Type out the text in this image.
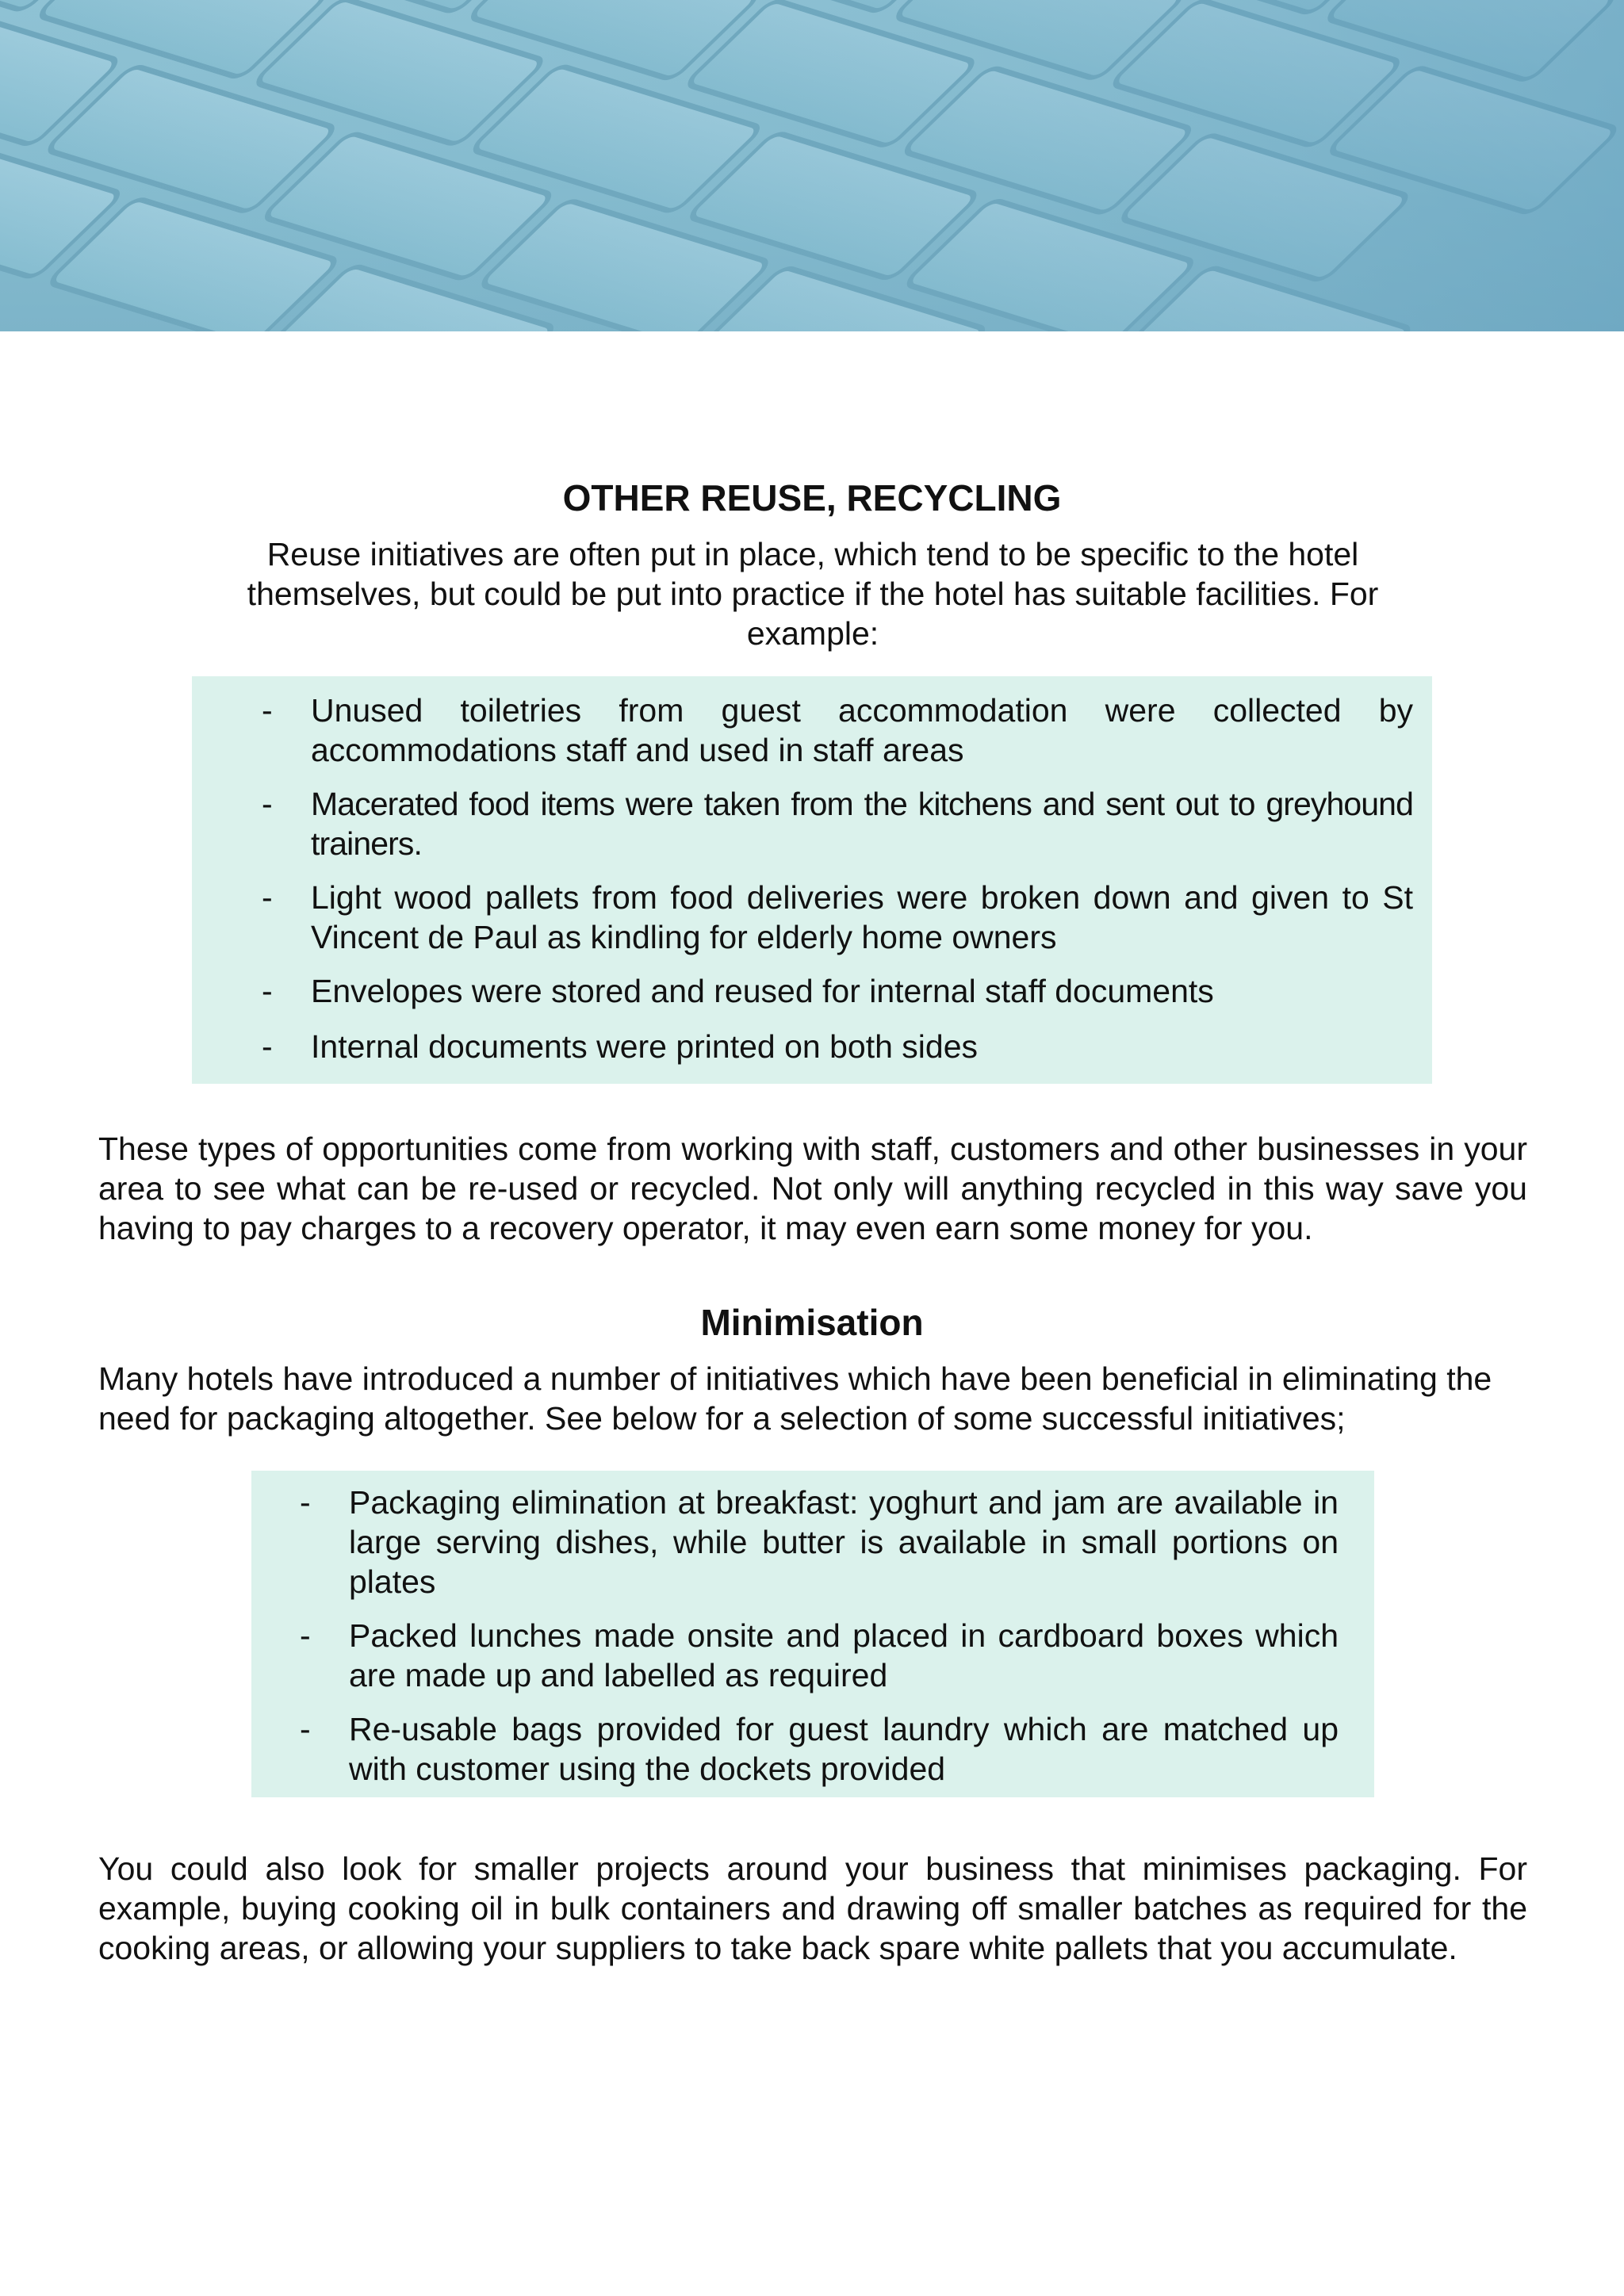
OTHER REUSE, RECYCLING
Reuse initiatives are often put in place, which tend to be specific to the hotel themselves, but could be put into practice if the hotel has suitable facilities. For example:
- Unused toiletries from guest accommodation were collected by accommodations staff and used in staff areas
- Macerated food items were taken from the kitchens and sent out to greyhound trainers.
- Light wood pallets from food deliveries were broken down and given to St Vincent de Paul as kindling for elderly home owners
- Envelopes were stored and reused for internal staff documents
- Internal documents were printed on both sides
These types of opportunities come from working with staff, customers and other businesses in your area to see what can be re-used or recycled. Not only will anything recycled in this way save you having to pay charges to a recovery operator, it may even earn some money for you.
Minimisation
Many hotels have introduced a number of initiatives which have been beneficial in eliminating the need for packaging altogether. See below for a selection of some successful initiatives;
- Packaging elimination at breakfast: yoghurt and jam are available in large serving dishes, while butter is available in small portions on plates
- Packed lunches made onsite and placed in cardboard boxes which are made up and labelled as required
- Re-usable bags provided for guest laundry which are matched up with customer using the dockets provided
You could also look for smaller projects around your business that minimises packaging. For example, buying cooking oil in bulk containers and drawing off smaller batches as required for the cooking areas, or allowing your suppliers to take back spare white pallets that you accumulate.
